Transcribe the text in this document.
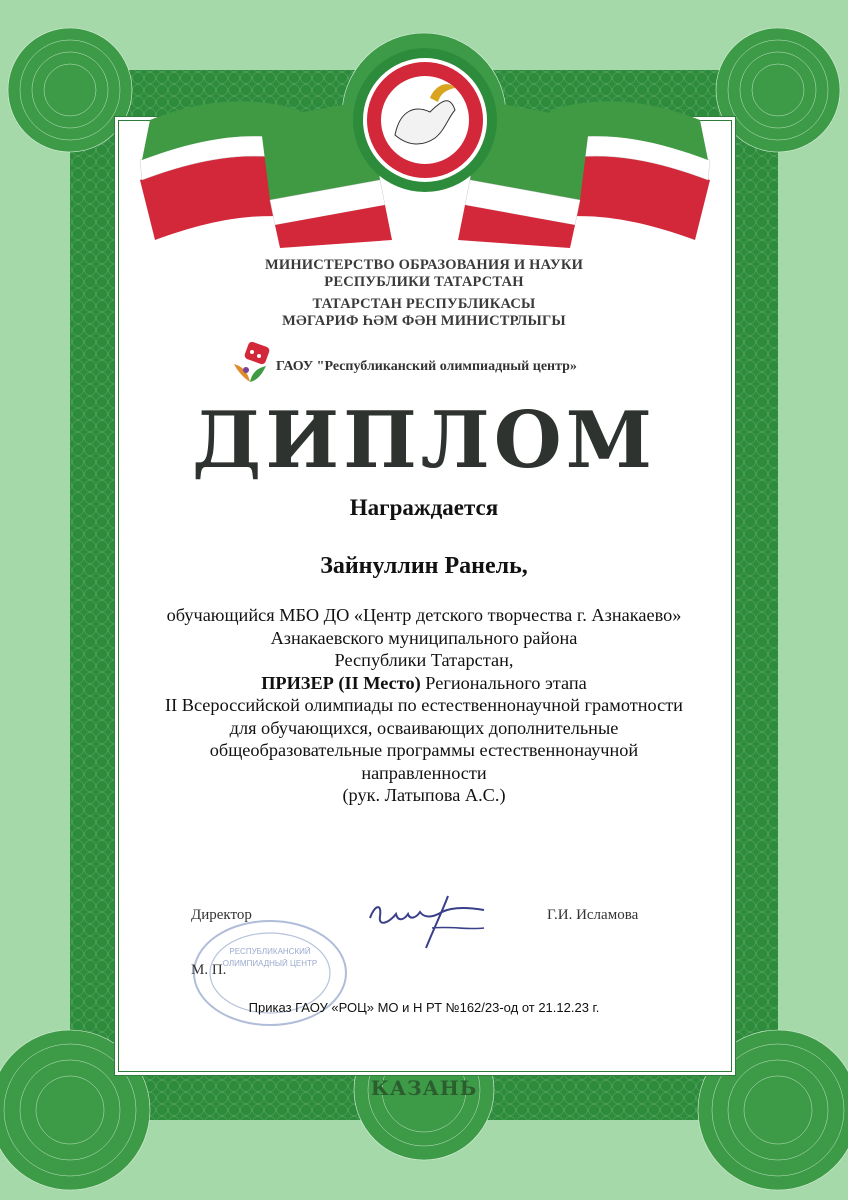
МИНИСТЕРСТВО ОБРАЗОВАНИЯ И НАУКИ
РЕСПУБЛИКИ ТАТАРСТАН
ТАТАРСТАН РЕСПУБЛИКАСЫ
МӘГАРИФ ҺӘМ ФӘН МИНИСТРЛЫГЫ
ГАОУ "Республиканский олимпиадный центр»
ДИПЛОМ
Награждается
Зайнуллин Ранель,
обучающийся МБО ДО «Центр детского творчества г. Азнакаево»
Азнакаевского муниципального района
Республики Татарстан,
ПРИЗЕР (II Место) Регионального этапа
II Всероссийской олимпиады по естественнонаучной грамотности
для обучающихся, осваивающих дополнительные
общеобразовательные программы естественнонаучной
направленности
(рук. Латыпова А.С.)
РЕСПУБЛИКАНСКИЙ
ОЛИМПИАДНЫЙ ЦЕНТР
Директор
М. П.
Г.И. Исламова
Приказ ГАОУ «РОЦ» МО и Н РТ №162/23-од от 21.12.23 г.
КАЗАНЬ
